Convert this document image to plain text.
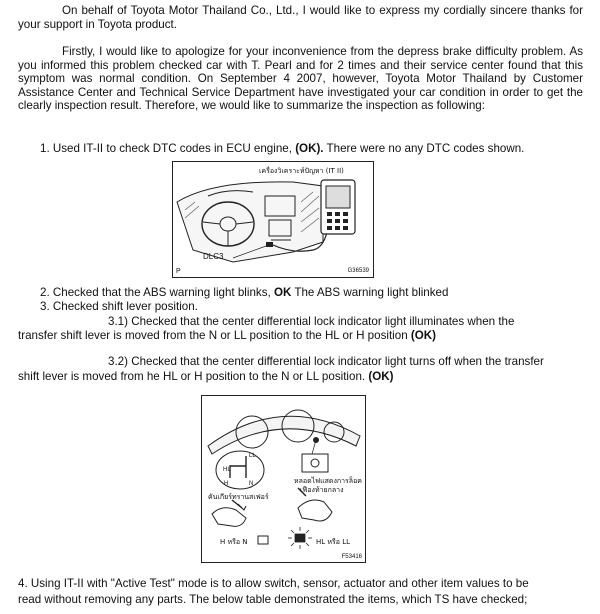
On behalf of Toyota Motor Thailand Co., Ltd., I would like to express my cordially sincere thanks for your support in Toyota product.

Firstly, I would like to apologize for your inconvenience from the depress brake difficulty problem. As you informed this problem checked car with T. Pearl and for 2 times and their service center found that this symptom was normal condition. On September 4 2007, however, Toyota Motor Thailand by Customer Assistance Center and Technical Service Department have investigated your car condition in order to get the clearly inspection result. Therefore, we would like to summarize the inspection as following:

1. Used IT-II to check DTC codes in ECU engine, (OK). There were no any DTC codes shown.

เครื่องวิเคราะห์ปัญหา (IT II)
DLC3
P	G36539

2. Checked that the ABS warning light blinks, OK The ABS warning light blinked

3. Checked shift lever position.

3.1) Checked that the center differential lock indicator light illuminates when the

transfer shift lever is moved from the N or LL position to the HL or H position (OK)

3.2) Checked that the center differential lock indicator light turns off when the transfer

shift lever is moved from he HL or H position to the N or LL position. (OK)

HL
LL
H	N
คันเกียร์ทรานสเฟอร์
หลอดไฟแสดงการล็อค
เฟืองท้ายกลาง
H หรือ N	HL หรือ LL
F53416

4. Using IT-II with "Active Test" mode is to allow switch, sensor, actuator and other item values to be

read without removing any parts. The below table demonstrated the items, which TS have checked;
